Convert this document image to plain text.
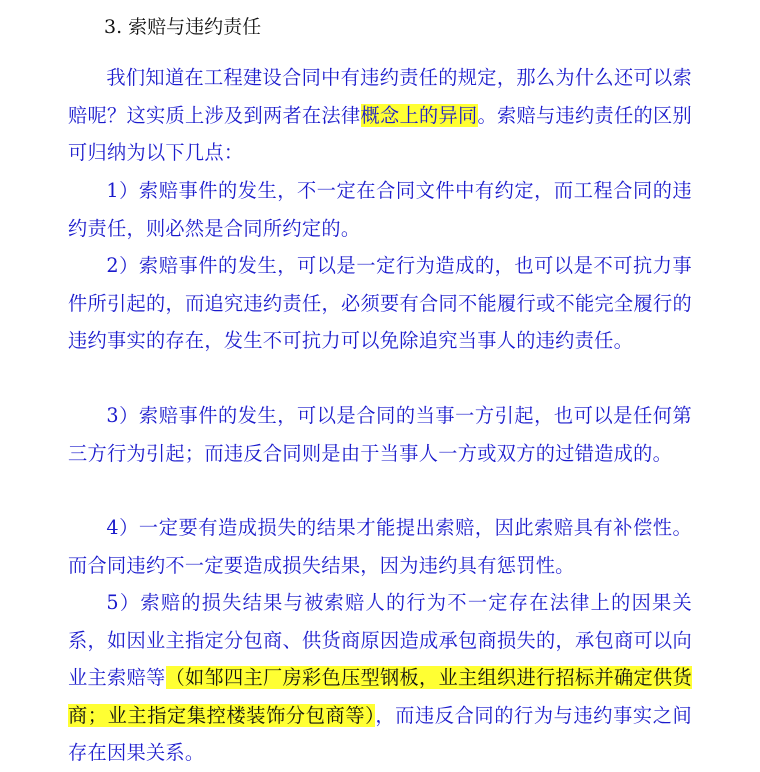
3. 索赔与违约责任

我们知道在工程建设合同中有违约责任的规定，那么为什么还可以索赔呢？这实质上涉及到两者在法律概念上的异同。索赔与违约责任的区别可归纳为以下几点：

1）索赔事件的发生，不一定在合同文件中有约定，而工程合同的违约责任，则必然是合同所约定的。

2）索赔事件的发生，可以是一定行为造成的，也可以是不可抗力事件所引起的，而追究违约责任，必须要有合同不能履行或不能完全履行的违约事实的存在，发生不可抗力可以免除追究当事人的违约责任。

3）索赔事件的发生，可以是合同的当事一方引起，也可以是任何第三方行为引起；而违反合同则是由于当事人一方或双方的过错造成的。

4）一定要有造成损失的结果才能提出索赔，因此索赔具有补偿性。而合同违约不一定要造成损失结果，因为违约具有惩罚性。

5）索赔的损失结果与被索赔人的行为不一定存在法律上的因果关系，如因业主指定分包商、供货商原因造成承包商损失的，承包商可以向业主索赔等（如邹四主厂房彩色压型钢板，业主组织进行招标并确定供货商；业主指定集控楼装饰分包商等），而违反合同的行为与违约事实之间存在因果关系。
